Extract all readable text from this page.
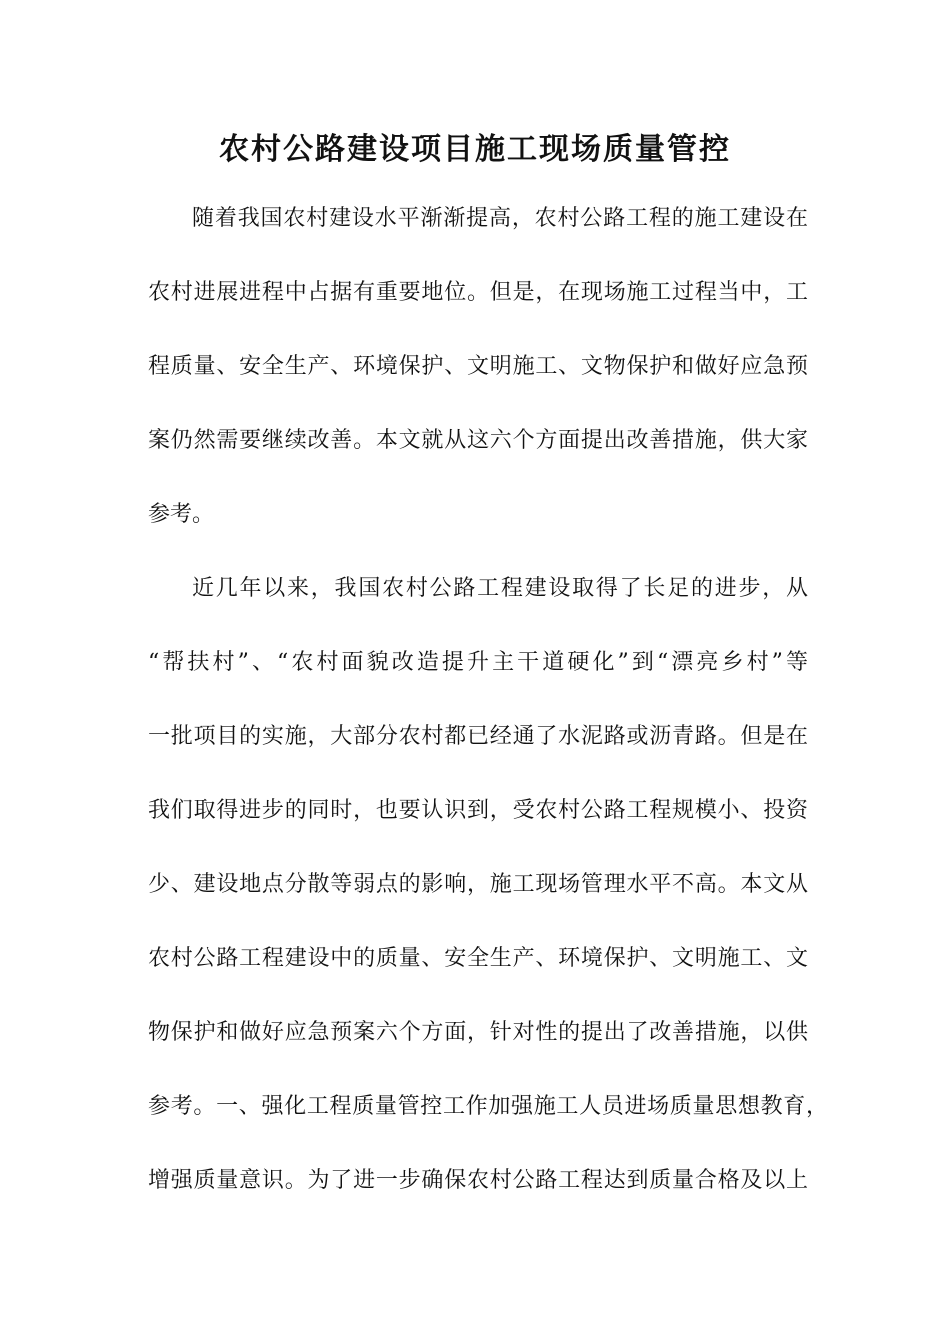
农村公路建设项目施工现场质量管控

随着我国农村建设水平渐渐提高，农村公路工程的施工建设在

农村进展进程中占据有重要地位。但是，在现场施工过程当中，工

程质量、安全生产、环境保护、文明施工、文物保护和做好应急预

案仍然需要继续改善。本文就从这六个方面提出改善措施，供大家

参考。

近几年以来，我国农村公路工程建设取得了长足的进步，从

“帮扶村”、“农村面貌改造提升主干道硬化”到“漂亮乡村”等

一批项目的实施，大部分农村都已经通了水泥路或沥青路。但是在

我们取得进步的同时，也要认识到，受农村公路工程规模小、投资

少、建设地点分散等弱点的影响，施工现场管理水平不高。本文从

农村公路工程建设中的质量、安全生产、环境保护、文明施工、文

物保护和做好应急预案六个方面，针对性的提出了改善措施，以供

参考。一、强化工程质量管控工作加强施工人员进场质量思想教育，

增强质量意识。为了进一步确保农村公路工程达到质量合格及以上
